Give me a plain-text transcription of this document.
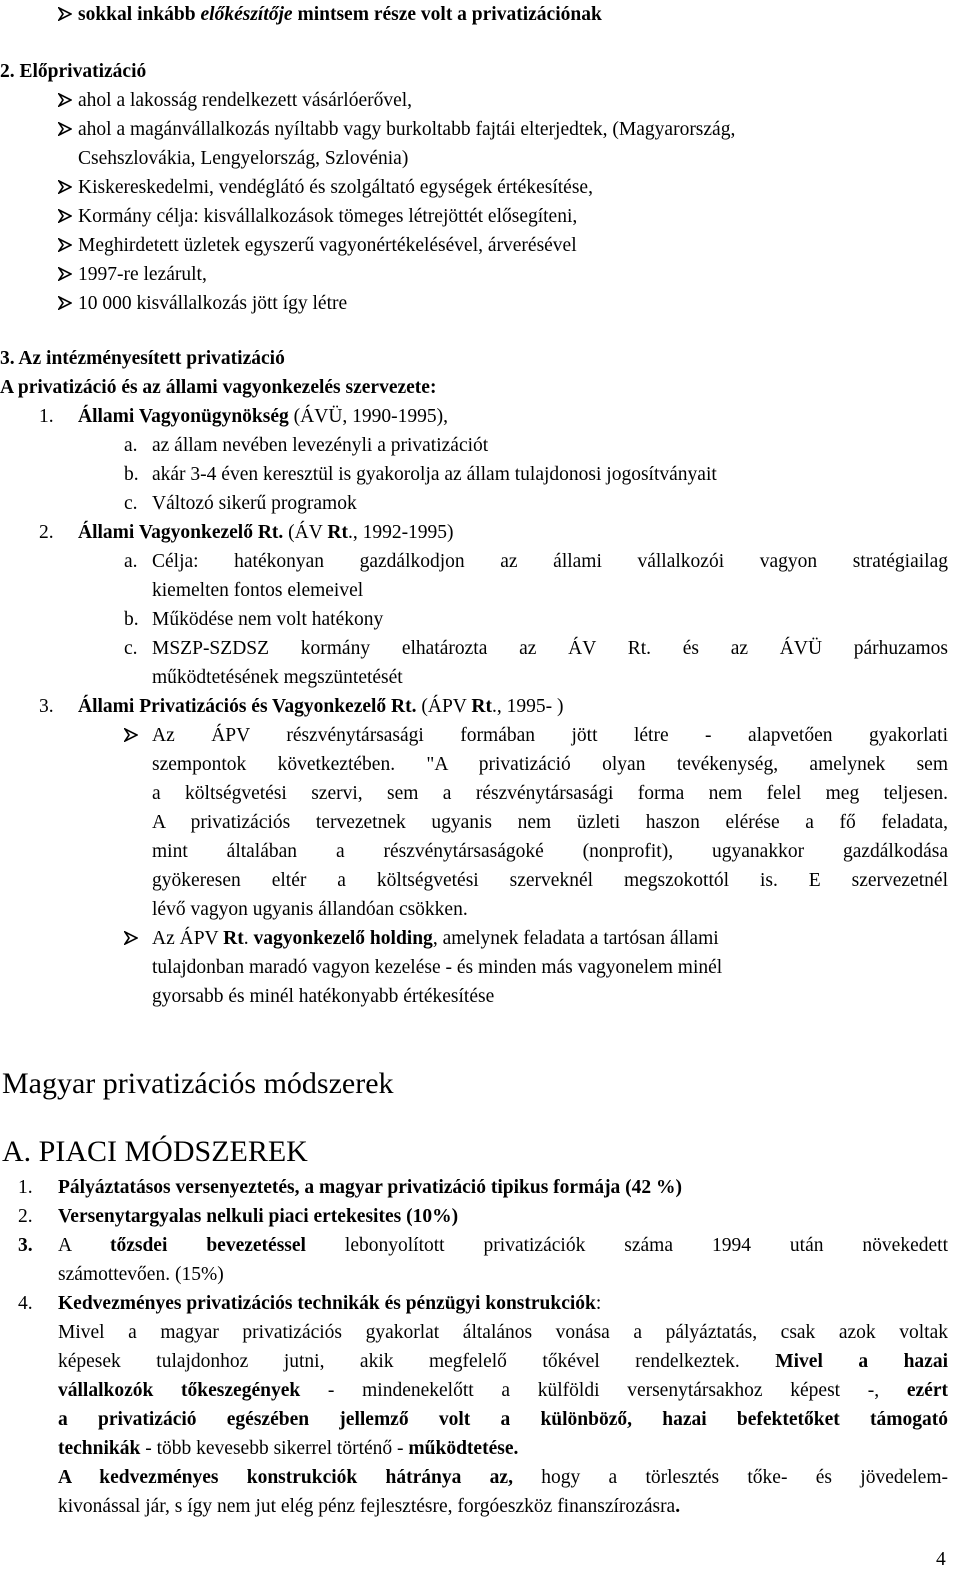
sokkal inkább előkészítője mintsem része volt a privatizációnak
2. Előprivatizáció
ahol a lakosság rendelkezett vásárlóerővel,
ahol a magánvállalkozás nyíltabb vagy burkoltabb fajtái elterjedtek, (Magyarország,
Csehszlovákia, Lengyelország, Szlovénia)
Kiskereskedelmi, vendéglátó és szolgáltató egységek értékesítése,
Kormány célja: kisvállalkozások tömeges létrejöttét elősegíteni,
Meghirdetett üzletek egyszerű vagyonértékelésével, árverésével
1997-re lezárult,
10 000 kisvállalkozás jött így létre
3. Az intézményesített privatizáció
A privatizáció és az állami vagyonkezelés szervezete:
1. Állami Vagyonügynökség (ÁVÜ, 1990-1995),
a. az állam nevében levezényli a privatizációt
b. akár 3-4 éven keresztül is gyakorolja az állam tulajdonosi jogosítványait
c. Változó sikerű programok
2. Állami Vagyonkezelő Rt. (ÁV Rt., 1992-1995)
a. Célja: hatékonyan gazdálkodjon az állami vállalkozói vagyon stratégiailag
kiemelten fontos elemeivel
b. Működése nem volt hatékony
c. MSZP-SZDSZ kormány elhatározta az ÁV Rt. és az ÁVÜ párhuzamos
működtetésének megszüntetését
3. Állami Privatizációs és Vagyonkezelő Rt. (ÁPV Rt., 1995- )
Az ÁPV részvénytársasági formában jött létre - alapvetően gyakorlati
szempontok következtében. "A privatizáció olyan tevékenység, amelynek sem
a költségvetési szervi, sem a részvénytársasági forma nem felel meg teljesen.
A privatizációs tervezetnek ugyanis nem üzleti haszon elérése a fő feladata,
mint általában a részvénytársaságoké (nonprofit), ugyanakkor gazdálkodása
gyökeresen eltér a költségvetési szerveknél megszokottól is. E szervezetnél
lévő vagyon ugyanis állandóan csökken.
Az ÁPV Rt. vagyonkezelő holding, amelynek feladata a tartósan állami
tulajdonban maradó vagyon kezelése - és minden más vagyonelem minél
gyorsabb és minél hatékonyabb értékesítése
Magyar privatizációs módszerek
A. PIACI MÓDSZEREK
1. Pályáztatásos versenyeztetés, a magyar privatizáció tipikus formája (42 %)
2. Versenytargyalas nelkuli piaci ertekesites (10%)
3. A tőzsdei bevezetéssel lebonyolított privatizációk száma 1994 után növekedett
számottevően. (15%)
4. Kedvezményes privatizációs technikák és pénzügyi konstrukciók:
Mivel a magyar privatizációs gyakorlat általános vonása a pályáztatás, csak azok voltak
képesek tulajdonhoz jutni, akik megfelelő tőkével rendelkeztek. Mivel a hazai
vállalkozók tőkeszegények - mindenekelőtt a külföldi versenytársakhoz képest -, ezért
a privatizáció egészében jellemző volt a különböző, hazai befektetőket támogató
technikák - több kevesebb sikerrel történő - működtetése.
A kedvezményes konstrukciók hátránya az, hogy a törlesztés tőke- és jövedelem-
kivonással jár, s így nem jut elég pénz fejlesztésre, forgóeszköz finanszírozásra.
4
